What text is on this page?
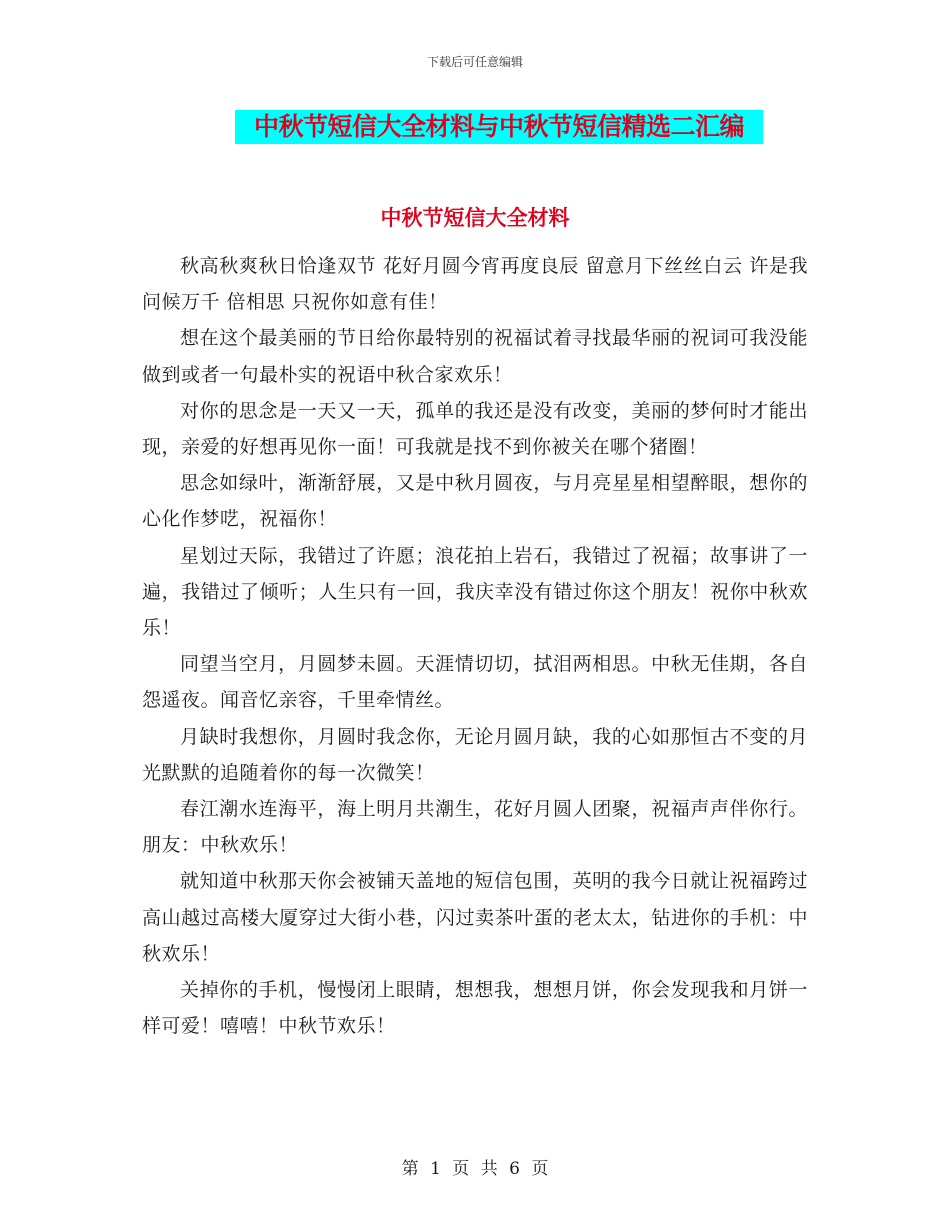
下载后可任意编辑
中秋节短信大全材料与中秋节短信精选二汇编
中秋节短信大全材料

秋高秋爽秋日恰逢双节 花好月圆今宵再度良辰 留意月下丝丝白云 许是我问候万千 倍相思 只祝你如意有佳！

想在这个最美丽的节日给你最特别的祝福试着寻找最华丽的祝词可我没能做到或者一句最朴实的祝语中秋合家欢乐！

对你的思念是一天又一天，孤单的我还是没有改变，美丽的梦何时才能出现，亲爱的好想再见你一面！可我就是找不到你被关在哪个猪圈！

思念如绿叶，渐渐舒展，又是中秋月圆夜，与月亮星星相望醉眼，想你的心化作梦呓，祝福你！

星划过天际，我错过了许愿；浪花拍上岩石，我错过了祝福；故事讲了一遍，我错过了倾听；人生只有一回，我庆幸没有错过你这个朋友！祝你中秋欢乐！

同望当空月，月圆梦未圆。天涯情切切，拭泪两相思。中秋无佳期，各自怨遥夜。闻音忆亲容，千里牵情丝。

月缺时我想你，月圆时我念你，无论月圆月缺，我的心如那恒古不变的月光默默的追随着你的每一次微笑！

春江潮水连海平，海上明月共潮生，花好月圆人团聚，祝福声声伴你行。朋友：中秋欢乐！

就知道中秋那天你会被铺天盖地的短信包围，英明的我今日就让祝福跨过高山越过高楼大厦穿过大街小巷，闪过卖茶叶蛋的老太太，钻进你的手机：中秋欢乐！

关掉你的手机，慢慢闭上眼睛，想想我，想想月饼，你会发现我和月饼一样可爱！嘻嘻！中秋节欢乐！

第 1 页 共 6 页
